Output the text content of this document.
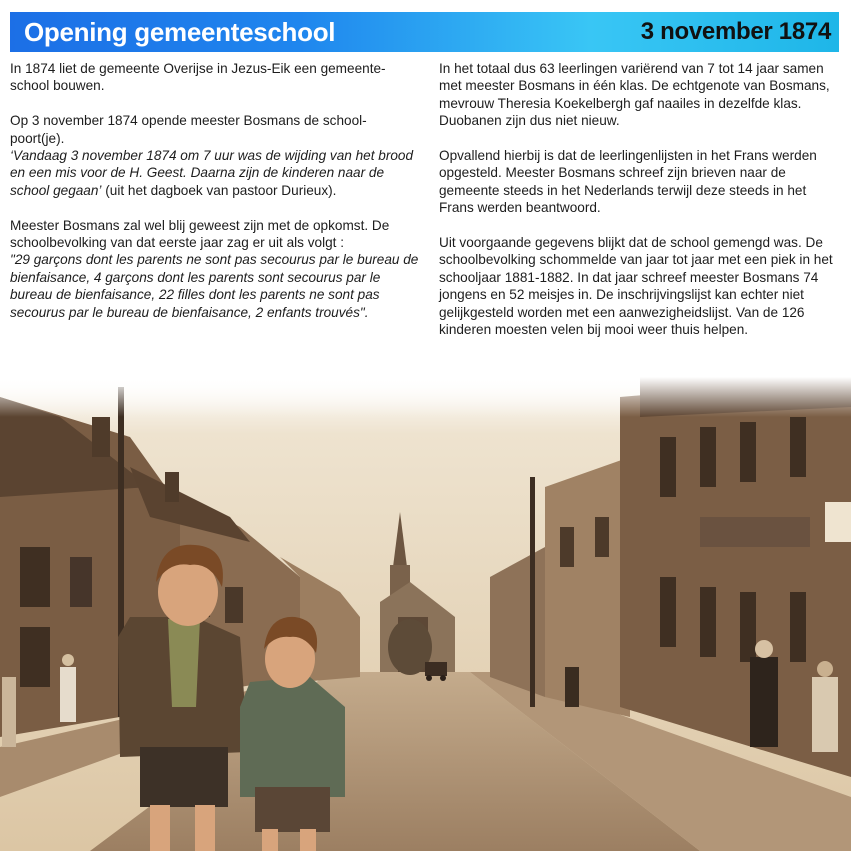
Opening gemeenteschool	3 november 1874

In 1874 liet de gemeente Overijse in Jezus-Eik een gemeente-school bouwen.

Op 3 november 1874 opende meester Bosmans de school-poort(je).
‘Vandaag 3 november 1874 om 7 uur was de wijding van het brood en een mis voor de H. Geest. Daarna zijn de kinderen naar de school gegaan’ (uit het dagboek van pastoor Durieux).

Meester Bosmans zal wel blij geweest zijn met de opkomst. De schoolbevolking van dat eerste jaar zag er uit als volgt :
"29 garçons dont les parents ne sont pas secourus par le bureau de bienfaisance, 4 garçons dont les parents sont secourus par le bureau de bienfaisance, 22 filles dont les parents ne sont pas secourus par le bureau de bienfaisance, 2 enfants trouvés".

In het totaal dus 63 leerlingen variërend van 7 tot 14 jaar samen met meester Bosmans in één klas. De echtgenote van Bosmans, mevrouw Theresia Koekelbergh gaf naailes in dezelfde klas. Duobanen zijn dus niet nieuw.

Opvallend hierbij is dat de leerlingenlijsten in het Frans werden opgesteld. Meester Bosmans schreef zijn brieven naar de gemeente steeds in het Nederlands terwijl deze steeds in het Frans werden beantwoord.

Uit voorgaande gegevens blijkt dat de school gemengd was. De schoolbevolking schommelde van jaar tot jaar met een piek in het schooljaar 1881-1882. In dat jaar schreef meester Bosmans 74 jongens en 52 meisjes in. De inschrijvingslijst kan echter niet gelijkgesteld worden met een aanwezigheidslijst. Van de 126 kinderen moesten velen bij mooi weer thuis helpen.
